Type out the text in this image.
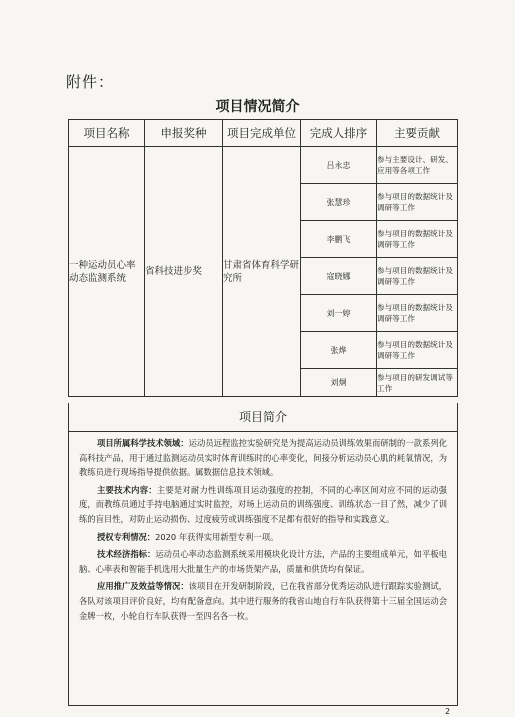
附件：
项目情况简介
项目名称	申报奖种	项目完成单位	完成人排序	主要贡献
一种运动员心率动态监测系统	省科技进步奖	甘肃省体育科学研究所	吕永忠	参与主要设计、研发、应用等各项工作
			张慧珍	参与项目的数据统计及调研等工作
			李鹏飞	参与项目的数据统计及调研等工作
			寇晓娜	参与项目的数据统计及调研等工作
			刘一婷	参与项目的数据统计及调研等工作
			张烨	参与项目的数据统计及调研等工作
			刘炯	参与项目的研发调试等工作
项目简介

项目所属科学技术领域：运动员远程监控实验研究是为提高运动员训练效果而研制的一款系列化高科技产品，用于通过监测运动员实时体育训练时的心率变化，间接分析运动员心肌的耗氧情况，为教练员进行现场指导提供依据。属数据信息技术领域。

主要技术内容：主要是对耐力性训练项目运动强度的控制，不同的心率区间对应不同的运动强度，而教练员通过手持电脑通过实时监控，对场上运动员的训练强度、训练状态一目了然，减少了训练的盲目性，对防止运动损伤、过度疲劳或训练强度不足都有很好的指导和实践意义。

授权专利情况：2020 年获得实用新型专利一项。

技术经济指标：运动员心率动态监测系统采用模块化设计方法，产品的主要组成单元，如平板电脑、心率表和智能手机选用大批量生产的市场货架产品，质量和供货均有保证。

应用推广及效益等情况：该项目在开发研制阶段，已在我省部分优秀运动队进行跟踪实验测试，各队对该项目评价良好，均有配备意向。其中进行服务的我省山地自行车队获得第十三届全国运动会金牌一枚，小轮自行车队获得一至四名各一枚。

2
